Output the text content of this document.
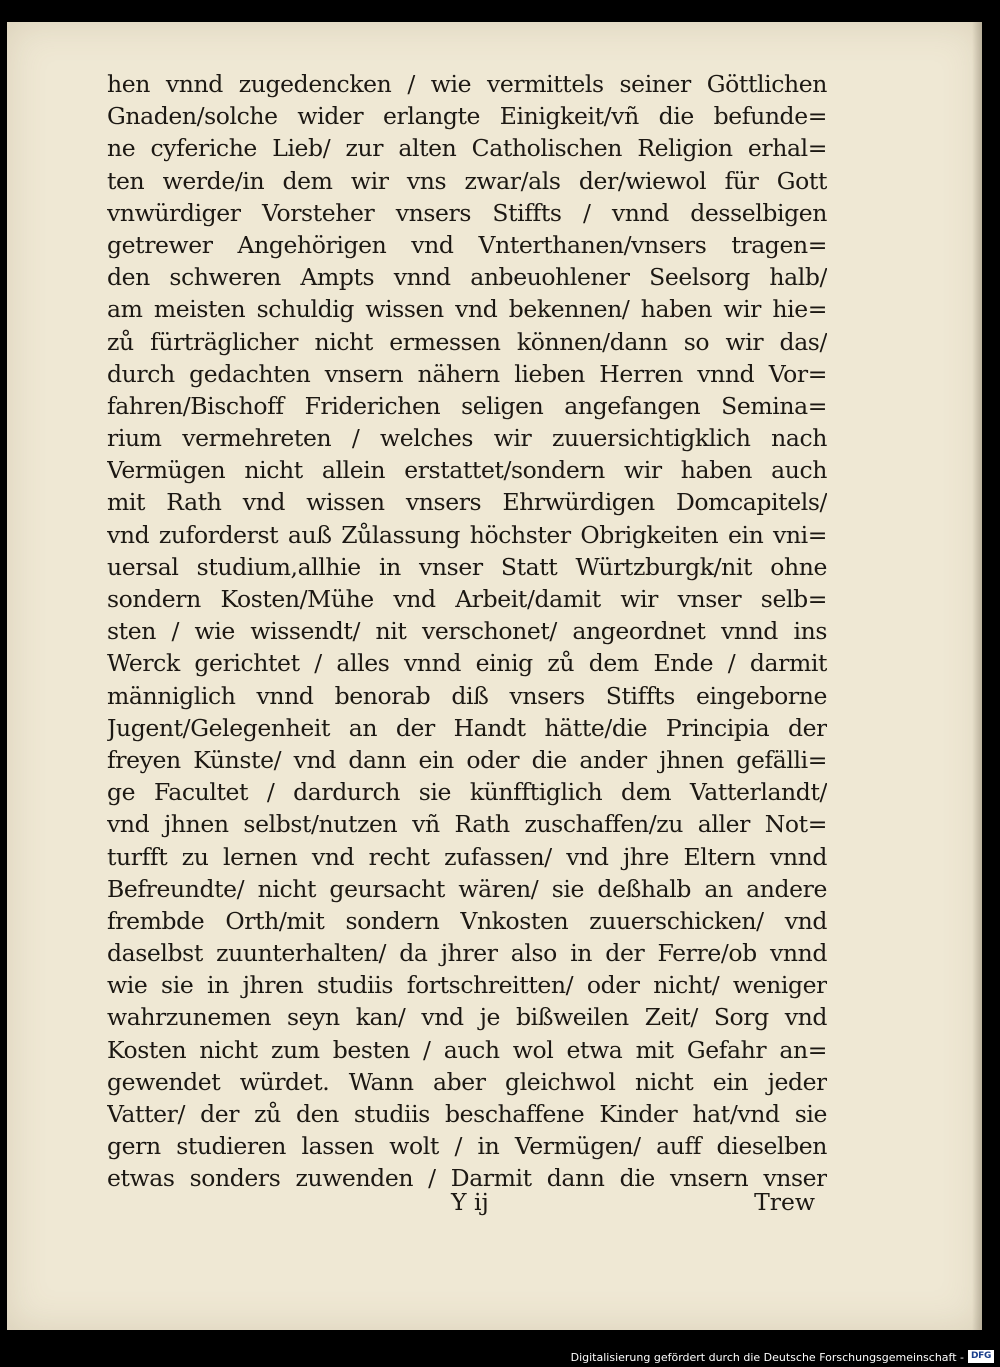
hen vnnd zugedencken / wie vermittels seiner Göttlichen
Gnaden/solche wider erlangte Einigkeit/vñ die befunde=
ne cyferiche Lieb/ zur alten Catholischen Religion erhal=
ten werde/in dem wir vns zwar/als der/wiewol für Gott
vnwürdiger Vorsteher vnsers Stiffts / vnnd desselbigen
getrewer Angehörigen vnd Vnterthanen/vnsers tragen=
den schweren Ampts vnnd anbeuohlener Seelsorg halb/
am meisten schuldig wissen vnd bekennen/ haben wir hie=
zů fürträglicher nicht ermessen können/dann so wir das/
durch gedachten vnsern nähern lieben Herren vnnd Vor=
fahren/Bischoff Friderichen seligen angefangen Semina=
rium vermehreten / welches wir zuuersichtigklich nach
Vermügen nicht allein erstattet/sondern wir haben auch
mit Rath vnd wissen vnsers Ehrwürdigen Domcapitels/
vnd zuforderst auß Zůlassung höchster Obrigkeiten ein vni=
uersal studium,allhie in vnser Statt Würtzburgk/nit ohne
sondern Kosten/Mühe vnd Arbeit/damit wir vnser selb=
sten / wie wissendt/ nit verschonet/ angeordnet vnnd ins
Werck gerichtet / alles vnnd einig zů dem Ende / darmit
männiglich vnnd benorab diß vnsers Stiffts eingeborne
Jugent/Gelegenheit an der Handt hätte/die Principia der
freyen Künste/ vnd dann ein oder die ander jhnen gefälli=
ge Facultet / dardurch sie künfftiglich dem Vatterlandt/
vnd jhnen selbst/nutzen vñ Rath zuschaffen/zu aller Not=
turfft zu lernen vnd recht zufassen/ vnd jhre Eltern vnnd
Befreundte/ nicht geursacht wären/ sie deßhalb an andere
frembde Orth/mit sondern Vnkosten zuuerschicken/ vnd
daselbst zuunterhalten/ da jhrer also in der Ferre/ob vnnd
wie sie in jhren studiis fortschreitten/ oder nicht/ weniger
wahrzunemen seyn kan/ vnd je bißweilen Zeit/ Sorg vnd
Kosten nicht zum besten / auch wol etwa mit Gefahr an=
gewendet würdet. Wann aber gleichwol nicht ein jeder
Vatter/ der zů den studiis beschaffene Kinder hat/vnd sie
gern studieren lassen wolt / in Vermügen/ auff dieselben
etwas sonders zuwenden / Darmit dann die vnsern vnser
Y ij	Trew
Digitalisierung gefördert durch die Deutsche Forschungsgemeinschaft - DFG
